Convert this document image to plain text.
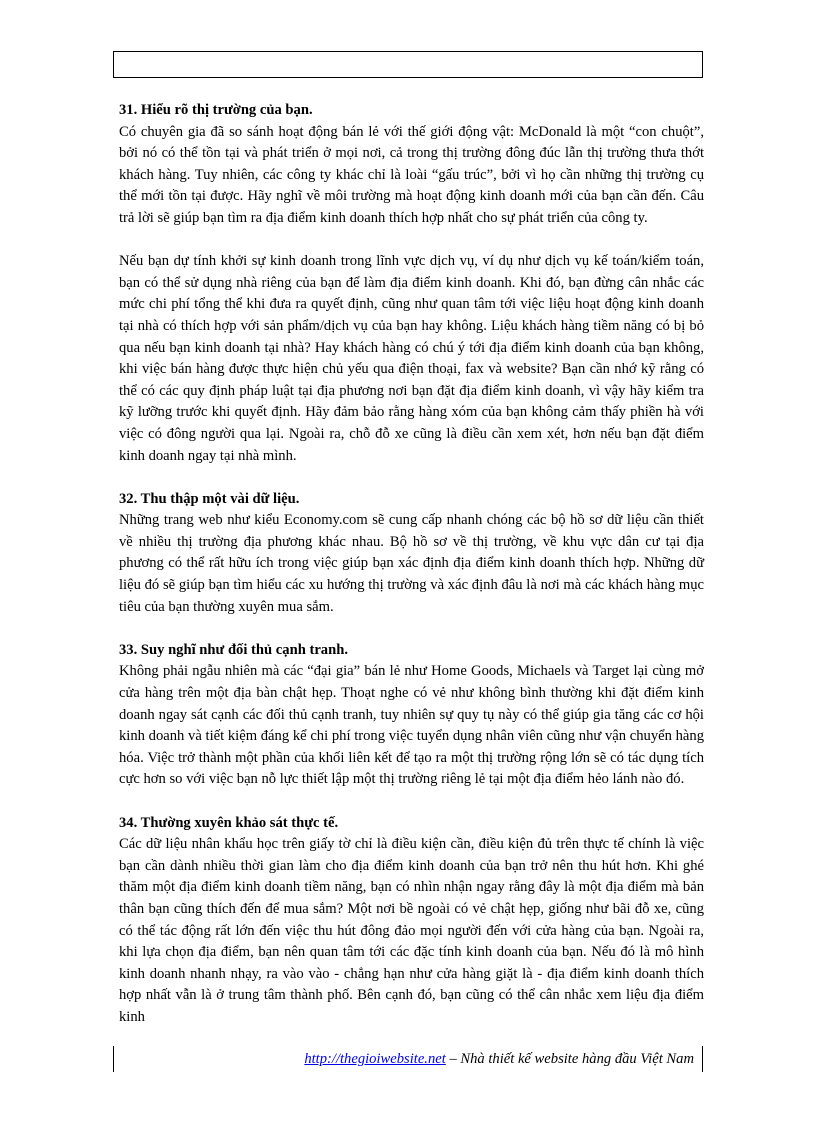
31. Hiểu rõ thị trường của bạn.

Có chuyên gia đã so sánh hoạt động bán lẻ với thế giới động vật: McDonald là một “con chuột”, bởi nó có thể tồn tại và phát triển ở mọi nơi, cả trong thị trường đông đúc lẫn thị trường thưa thớt khách hàng. Tuy nhiên, các công ty khác chỉ là loài “gấu trúc”, bởi vì họ cần những thị trường cụ thể mới tồn tại được. Hãy nghĩ về môi trường mà hoạt động kinh doanh mới của bạn cần đến. Câu trả lời sẽ giúp bạn tìm ra địa điểm kinh doanh thích hợp nhất cho sự phát triển của công ty.

Nếu bạn dự tính khởi sự kinh doanh trong lĩnh vực dịch vụ, ví dụ như dịch vụ kế toán/kiểm toán, bạn có thể sử dụng nhà riêng của bạn để làm địa điểm kinh doanh. Khi đó, bạn đừng cân nhắc các mức chi phí tổng thể khi đưa ra quyết định, cũng như quan tâm tới việc liệu hoạt động kinh doanh tại nhà có thích hợp với sản phẩm/dịch vụ của bạn hay không. Liệu khách hàng tiềm năng có bị bỏ qua nếu bạn kinh doanh tại nhà? Hay khách hàng có chú ý tới địa điểm kinh doanh của bạn không, khi việc bán hàng được thực hiện chủ yếu qua điện thoại, fax và website? Bạn cần nhớ kỹ rằng có thể có các quy định pháp luật tại địa phương nơi bạn đặt địa điểm kinh doanh, vì vậy hãy kiểm tra kỹ lưỡng trước khi quyết định. Hãy đảm bảo rằng hàng xóm của bạn không cảm thấy phiền hà với việc có đông người qua lại. Ngoài ra, chỗ đỗ xe cũng là điều cần xem xét, hơn nếu bạn đặt điểm kinh doanh ngay tại nhà mình.

32. Thu thập một vài dữ liệu.

Những trang web như kiểu Economy.com sẽ cung cấp nhanh chóng các bộ hồ sơ dữ liệu cần thiết về nhiều thị trường địa phương khác nhau. Bộ hồ sơ về thị trường, về khu vực dân cư tại địa phương có thể rất hữu ích trong việc giúp bạn xác định địa điểm kinh doanh thích hợp. Những dữ liệu đó sẽ giúp bạn tìm hiểu các xu hướng thị trường và xác định đâu là nơi mà các khách hàng mục tiêu của bạn thường xuyên mua sắm.

33. Suy nghĩ như đối thủ cạnh tranh.

Không phải ngẫu nhiên mà các “đại gia” bán lẻ như Home Goods, Michaels và Target lại cùng mở cửa hàng trên một địa bàn chật hẹp. Thoạt nghe có vẻ như không bình thường khi đặt điểm kinh doanh ngay sát cạnh các đối thủ cạnh tranh, tuy nhiên sự quy tụ này có thể giúp gia tăng các cơ hội kinh doanh và tiết kiệm đáng kể chi phí trong việc tuyển dụng nhân viên cũng như vận chuyển hàng hóa. Việc trở thành một phần của khối liên kết để tạo ra một thị trường rộng lớn sẽ có tác dụng tích cực hơn so với việc bạn nỗ lực thiết lập một thị trường riêng lẻ tại một địa điểm hẻo lánh nào đó.

34. Thường xuyên khảo sát thực tế.

Các dữ liệu nhân khẩu học trên giấy tờ chỉ là điều kiện cần, điều kiện đủ trên thực tế chính là việc bạn cần dành nhiều thời gian làm cho địa điểm kinh doanh của bạn trở nên thu hút hơn. Khi ghé thăm một địa điểm kinh doanh tiềm năng, bạn có nhìn nhận ngay rằng đây là một địa điểm mà bản thân bạn cũng thích đến để mua sắm? Một nơi bề ngoài có vẻ chật hẹp, giống như bãi đỗ xe, cũng có thể tác động rất lớn đến việc thu hút đông đảo mọi người đến với cửa hàng của bạn. Ngoài ra, khi lựa chọn địa điểm, bạn nên quan tâm tới các đặc tính kinh doanh của bạn. Nếu đó là mô hình kinh doanh nhanh nhạy, ra vào vào - chẳng hạn như cửa hàng giặt là - địa điểm kinh doanh thích hợp nhất vẫn là ở trung tâm thành phố. Bên cạnh đó, bạn cũng có thể cân nhắc xem liệu địa điểm kinh

http://thegioiwebsite.net – Nhà thiết kế website hàng đầu Việt Nam
